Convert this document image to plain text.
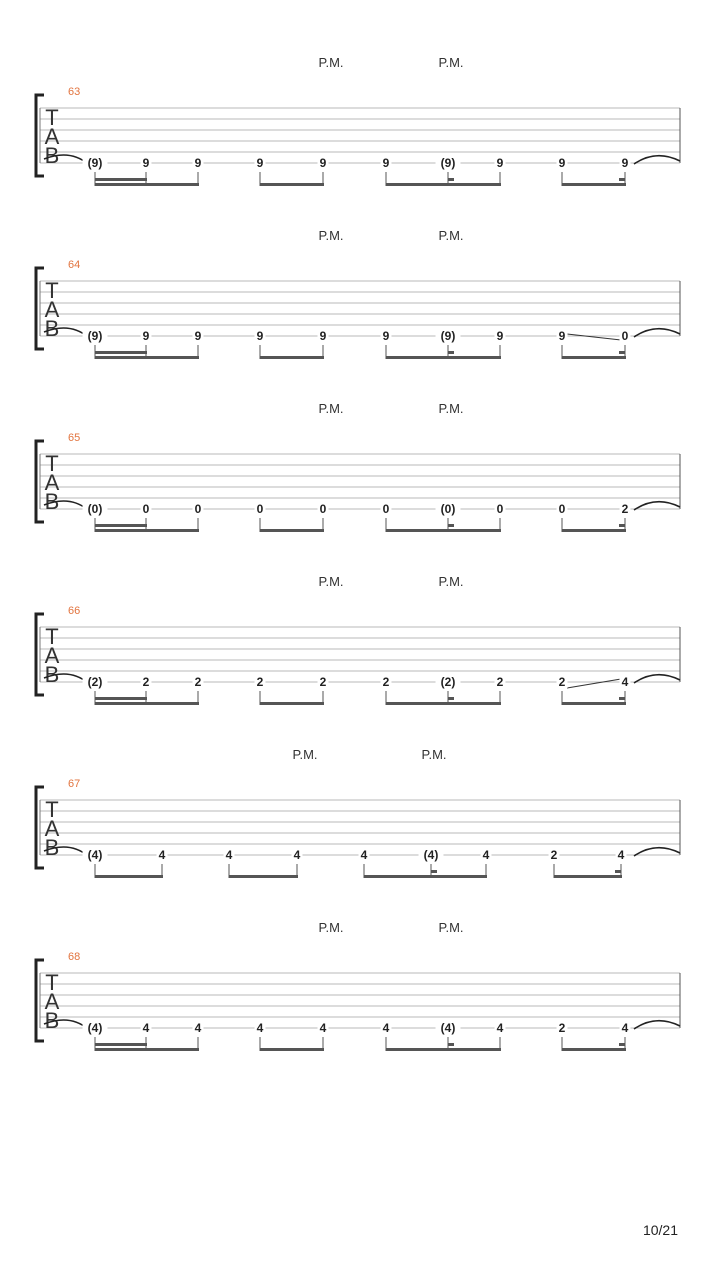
63
P.M.	P.M.
T
A
B (9)	9	9	9	9	9	(9)	9	9	9
64
P.M.	P.M.
T
A
B (9)	9	9	9	9	9	(9)	9	9	0
65
P.M.	P.M.
T
A
B (0)	0	0	0	0	0	(0)	0	0	2
66
P.M.	P.M.
T
A
B (2)	2	2	2	2	2	(2)	2	2	4
67
P.M.	P.M.
T
A
B (4)	4	4	4	4	(4)	4	2	4
68
P.M.	P.M.
T
A
B (4)	4	4	4	4	4	(4)	4	2	4
10/21
